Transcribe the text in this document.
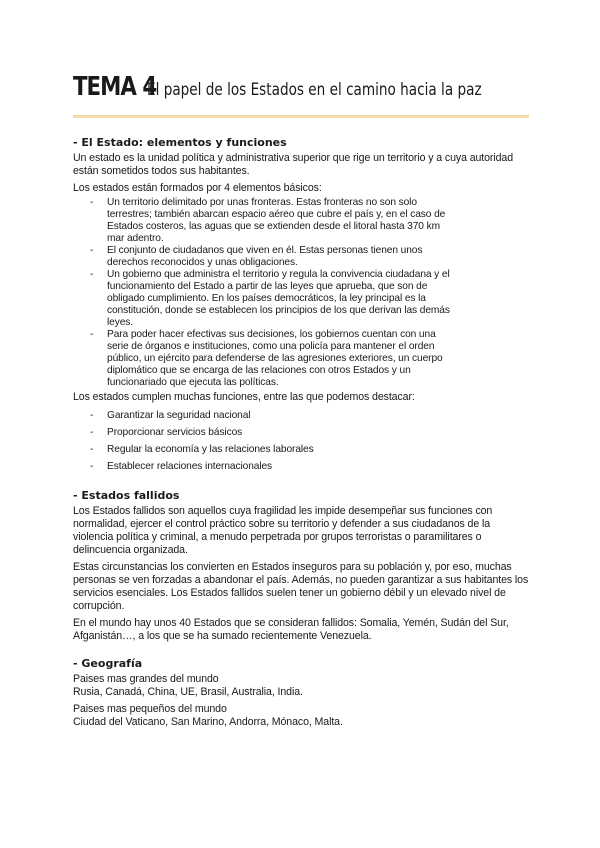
TEMA 4
El papel de los Estados en el camino hacia la paz
- El Estado: elementos y funciones

Un estado es la unidad política y administrativa superior que rige un territorio y a cuya autoridad están sometidos todos sus habitantes.

Los estados están formados por 4 elementos básicos:

- Un territorio delimitado por unas fronteras. Estas fronteras no son solo terrestres; también abarcan espacio aéreo que cubre el país y, en el caso de Estados costeros, las aguas que se extienden desde el litoral hasta 370 km mar adentro.
- El conjunto de ciudadanos que viven en él. Estas personas tienen unos derechos reconocidos y unas obligaciones.
- Un gobierno que administra el territorio y regula la convivencia ciudadana y el funcionamiento del Estado a partir de las leyes que aprueba, que son de obligado cumplimiento. En los países democráticos, la ley principal es la constitución, donde se establecen los principios de los que derivan las demás leyes.
- Para poder hacer efectivas sus decisiones, los gobiernos cuentan con una serie de órganos e instituciones, como una policía para mantener el orden público, un ejército para defenderse de las agresiones exteriores, un cuerpo diplomático que se encarga de las relaciones con otros Estados y un funcionariado que ejecuta las políticas.

Los estados cumplen muchas funciones, entre las que podemos destacar:

- Garantizar la seguridad nacional
- Proporcionar servicios básicos
- Regular la economía y las relaciones laborales
- Establecer relaciones internacionales
- Estados fallidos

Los Estados fallidos son aquellos cuya fragilidad les impide desempeñar sus funciones con normalidad, ejercer el control práctico sobre su territorio y defender a sus ciudadanos de la violencia política y criminal, a menudo perpetrada por grupos terroristas o paramilitares o delincuencia organizada.

Estas circunstancias los convierten en Estados inseguros para su población y, por eso, muchas personas se ven forzadas a abandonar el país. Además, no pueden garantizar a sus habitantes los servicios esenciales. Los Estados fallidos suelen tener un gobierno débil y un elevado nivel de corrupción.

En el mundo hay unos 40 Estados que se consideran fallidos: Somalia, Yemén, Sudán del Sur, Afganistán…, a los que se ha sumado recientemente Venezuela.

- Geografía

Paises mas grandes del mundo

Rusia, Canadá, China, UE, Brasil, Australia, India.

Paises mas pequeños del mundo

Ciudad del Vaticano, San Marino, Andorra, Mónaco, Malta.
